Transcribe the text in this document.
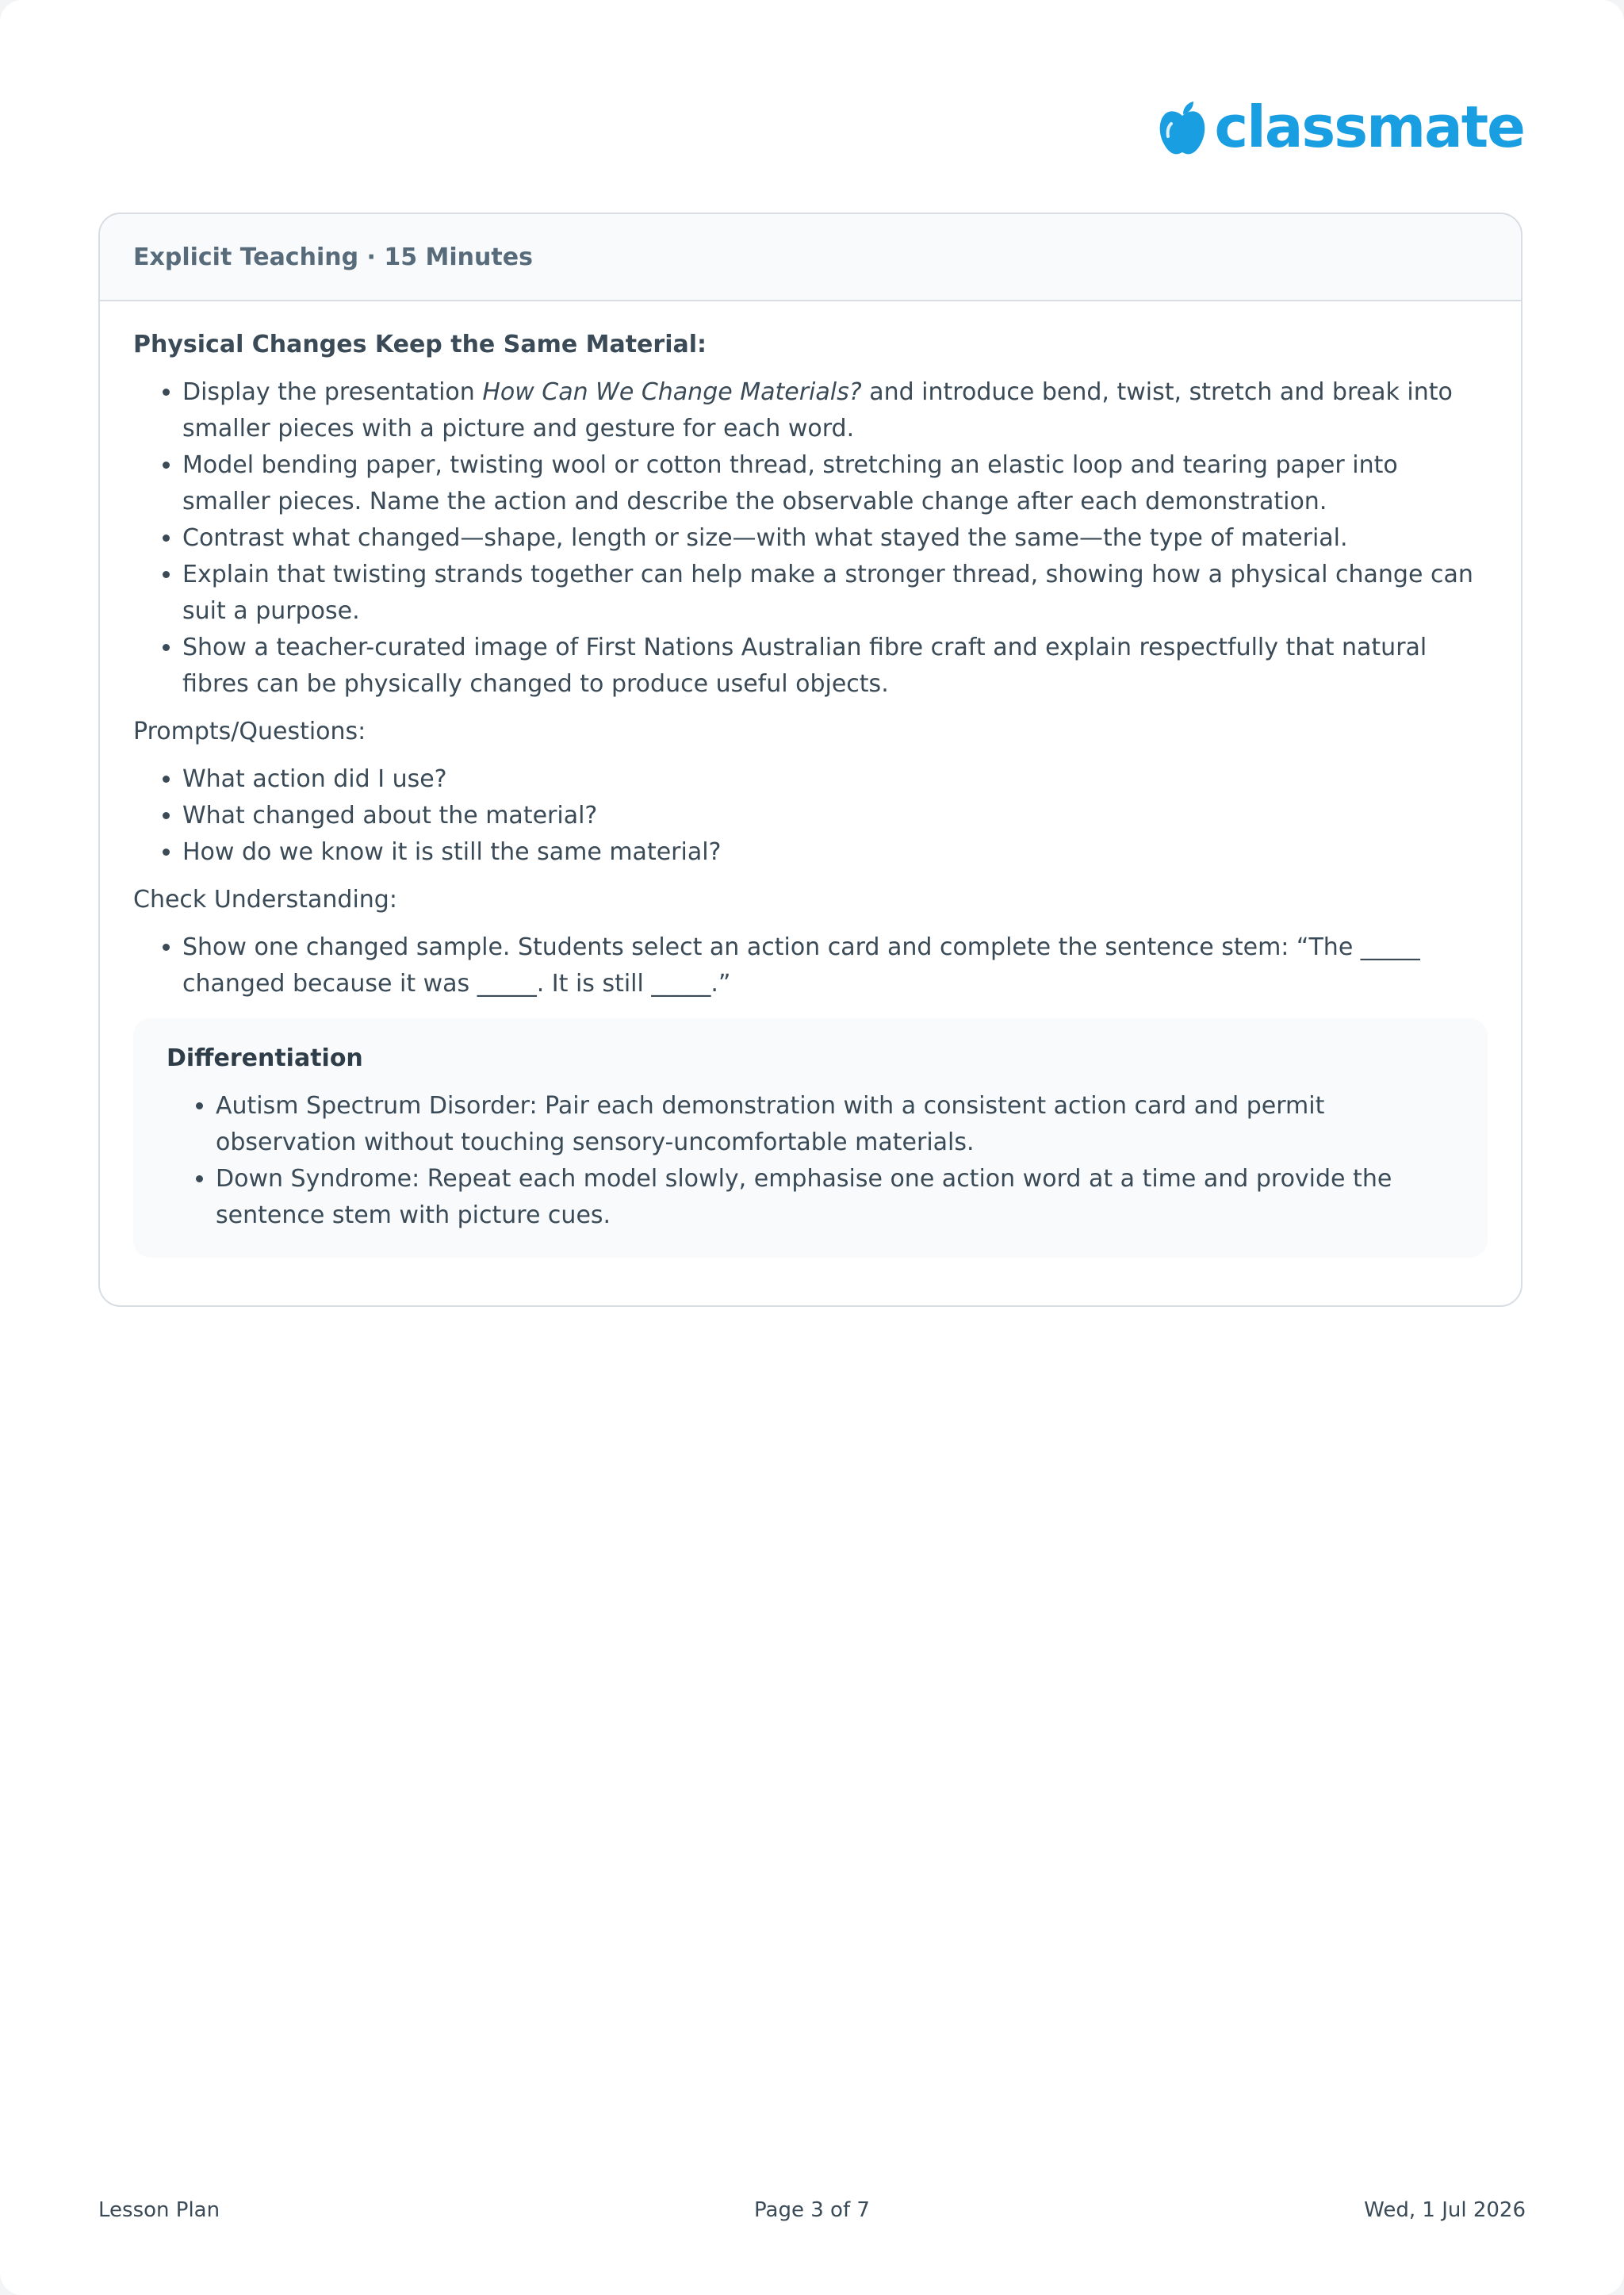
classmate
Explicit Teaching · 15 Minutes
Physical Changes Keep the Same Material:
• Display the presentation How Can We Change Materials? and introduce bend, twist, stretch and break into smaller pieces with a picture and gesture for each word.
• Model bending paper, twisting wool or cotton thread, stretching an elastic loop and tearing paper into smaller pieces. Name the action and describe the observable change after each demonstration.
• Contrast what changed—shape, length or size—with what stayed the same—the type of material.
• Explain that twisting strands together can help make a stronger thread, showing how a physical change can suit a purpose.
• Show a teacher-curated image of First Nations Australian fibre craft and explain respectfully that natural fibres can be physically changed to produce useful objects.
Prompts/Questions:
• What action did I use?
• What changed about the material?
• How do we know it is still the same material?
Check Understanding:
• Show one changed sample. Students select an action card and complete the sentence stem: “The _____ changed because it was _____. It is still _____.”
Differentiation
• Autism Spectrum Disorder: Pair each demonstration with a consistent action card and permit observation without touching sensory-uncomfortable materials.
• Down Syndrome: Repeat each model slowly, emphasise one action word at a time and provide the sentence stem with picture cues.
Lesson Plan	Page 3 of 7	Wed, 1 Jul 2026
